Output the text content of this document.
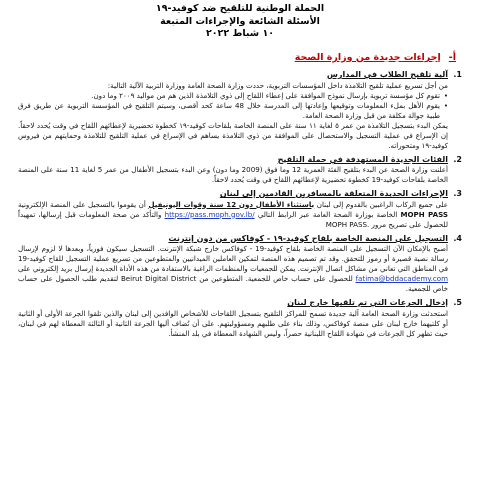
الحملة الوطنية للتلقيح ضد كوفيد-١٩
الأسئلة الشائعة والإجراءات المتبعة
١٠ شباط ٢٠٢٢
أ-إجراءات جديدة من وزارة الصحة
1.
آلية تلقيح الطلاب في المدارس
من أجل تسريع عملية تلقيح التلامذة داخل المؤسسات التربوية، حددت وزارة الصحة العامة ووزارة التربية الآلية التالية:
•
تقوم كل مؤسسة تربوية بإرسال نموذج الموافقة على إعطاء اللقاح إلى ذوي التلامذة الذين هم من مواليد ٢٠٠٩ وما دون.
•
يقوم الأهل بملء المعلومات وتوقيعها وإعادتها إلى المدرسة خلال 48 ساعة كحد أقصى، وسيتم التلقيح في المؤسسة التربوية عن طريق فرق طبية جوالة مكلفة من قبل وزارة الصحة العامة.
يمكن البدء بتسجيل التلامذة من عمر ٥ لغاية ١١ سنة على المنصة الخاصة بلقاحات كوفيد-١٩ كخطوة تحضيرية لإعطائهم اللقاح في وقت يُحدد لاحقاً. إن الإسراع في عملية التسجيل والاستحصال على الموافقة من ذوي التلامذة يساهم في الإسراع في عملية التلقيح للتلامذة وحمايتهم من فيروس كوفيد-١٩ ومتحوراته.
2.
الفئات الجديدة المستهدفة في حملة التلقيح
أعلنت وزارة الصحة عن البدء بتلقيح الفئة العمرية 12 وما فوق (2009 وما دون) وعن البدء بتسجيل الأطفال من عمر 5 لغاية 11 سنة على المنصة الخاصة بلقاحات كوفيد-19 كخطوة تحضيرية لإعطائهم اللقاح في وقت يُحدد لاحقاً.
3.
الإجراءات الجديدة المتعلقة بالمسافرين القادمين إلى لبنان
على جميع الركاب الراغبين بالقدوم إلى لبنان باستثناء الأطفال دون 12 سنة وقوات اليونيفيل أن يقوموا بالتسجيل على المنصة الإلكترونية MOPH PASS الخاصة بوزارة الصحة العامة عبر الرابط التالي https://pass.moph.gov.lb/ والتأكد من صحة المعلومات قبل إرسالها، تمهيداً للحصول على تصريح مرور MOPH PASS.
4.
التسجيل على المنصة الخاصة بلقاح كوفيد-١٩ - كوفاكس من دون إنترنت
أصبح بالإمكان الآن التسجيل على المنصة الخاصة بلقاح كوفيد-19 - كوفاكس خارج شبكة الإنترنت. التسجيل سيكون فورياً، وبعدها لا لزوم لإرسال رسالة نصية قصيرة أو رموز للتحقق. وقد تم تصميم هذه المنصة لتمكين العاملين الميدانيين والمتطوعين من تسريع عملية التسجيل للقاح كوفيد-19 في المناطق التي تعاني من مشاكل اتصال الإنترنت. يمكن للجمعيات والمنظمات الراغبة بالاستفادة من هذه الأداة الجديدة إرسال بريد إلكتروني على fatima@bddacademy.com للحصول على حساب خاص للجمعية. المتطوعين من Beirut Digital District لتقديم طلب الحصول على حساب خاص للجمعية.
5.
إدخال الجرعات التي تم تلقيها خارج لبنان
استحدثت وزارة الصحة العامة آلية جديدة تسمح للمراكز التلقيح بتسجيل اللقاحات للأشخاص الوافدين إلى لبنان والذين تلقوا الجرعة الأولى أو الثانية أو كلتيهما خارج لبنان على منصة كوفاكس، وذلك بناء على طلبهم ومسؤوليتهم. على أن تُضاف أليها الجرعة الثانية أو الثالثة المعطاة لهم في لبنان، حيث تظهر كل الجرعات في شهادة اللقاح اللبنانية حصراً، وليس الشهادة المعطاة في بلد المنشأ.
